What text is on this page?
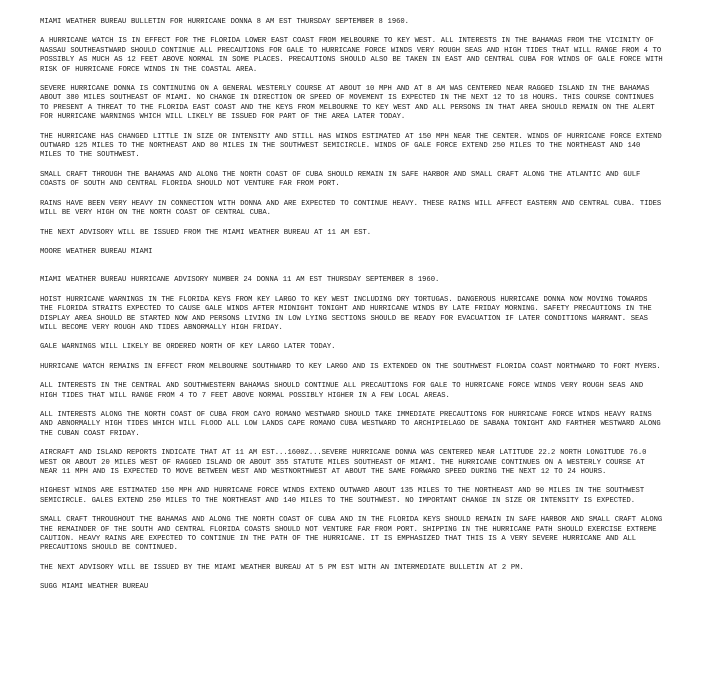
MIAMI WEATHER BUREAU BULLETIN FOR HURRICANE DONNA 8 AM EST THURSDAY SEPTEMBER 8 1960.

A HURRICANE WATCH IS IN EFFECT FOR THE FLORIDA LOWER EAST COAST FROM MELBOURNE TO KEY WEST. ALL INTERESTS IN THE BAHAMAS FROM THE VICINITY OF NASSAU SOUTHEASTWARD SHOULD CONTINUE ALL PRECAUTIONS FOR GALE TO HURRICANE FORCE WINDS VERY ROUGH SEAS AND HIGH TIDES THAT WILL RANGE FROM 4 TO POSSIBLY AS MUCH AS 12 FEET ABOVE NORMAL IN SOME PLACES. PRECAUTIONS SHOULD ALSO BE TAKEN IN EAST AND CENTRAL CUBA FOR WINDS OF GALE FORCE WITH RISK OF HURRICANE FORCE WINDS IN THE COASTAL AREA.

SEVERE HURRICANE DONNA IS CONTINUING ON A GENERAL WESTERLY COURSE AT ABOUT 10 MPH AND AT 8 AM WAS CENTERED NEAR RAGGED ISLAND IN THE BAHAMAS ABOUT 380 MILES SOUTHEAST OF MIAMI. NO CHANGE IN DIRECTION OR SPEED OF MOVEMENT IS EXPECTED IN THE NEXT 12 TO 18 HOURS. THIS COURSE CONTINUES TO PRESENT A THREAT TO THE FLORIDA EAST COAST AND THE KEYS FROM MELBOURNE TO KEY WEST AND ALL PERSONS IN THAT AREA SHOULD REMAIN ON THE ALERT FOR HURRICANE WARNINGS WHICH WILL LIKELY BE ISSUED FOR PART OF THE AREA LATER TODAY.

THE HURRICANE HAS CHANGED LITTLE IN SIZE OR INTENSITY AND STILL HAS WINDS ESTIMATED AT 150 MPH NEAR THE CENTER. WINDS OF HURRICANE FORCE EXTEND OUTWARD 125 MILES TO THE NORTHEAST AND 80 MILES IN THE SOUTHWEST SEMICIRCLE. WINDS OF GALE FORCE EXTEND 250 MILES TO THE NORTHEAST AND 140 MILES TO THE SOUTHWEST.

SMALL CRAFT THROUGH THE BAHAMAS AND ALONG THE NORTH COAST OF CUBA SHOULD REMAIN IN SAFE HARBOR AND SMALL CRAFT ALONG THE ATLANTIC AND GULF COASTS OF SOUTH AND CENTRAL FLORIDA SHOULD NOT VENTURE FAR FROM PORT.

RAINS HAVE BEEN VERY HEAVY IN CONNECTION WITH DONNA AND ARE EXPECTED TO CONTINUE HEAVY. THESE RAINS WILL AFFECT EASTERN AND CENTRAL CUBA. TIDES WILL BE VERY HIGH ON THE NORTH COAST OF CENTRAL CUBA.

THE NEXT ADVISORY WILL BE ISSUED FROM THE MIAMI WEATHER BUREAU AT 11 AM EST.

MOORE WEATHER BUREAU MIAMI

MIAMI WEATHER BUREAU HURRICANE ADVISORY NUMBER 24 DONNA 11 AM EST THURSDAY SEPTEMBER 8 1960.

HOIST HURRICANE WARNINGS IN THE FLORIDA KEYS FROM KEY LARGO TO KEY WEST INCLUDING DRY TORTUGAS. DANGEROUS HURRICANE DONNA NOW MOVING TOWARDS THE FLORIDA STRAITS EXPECTED TO CAUSE GALE WINDS AFTER MIDNIGHT TONIGHT AND HURRICANE WINDS BY LATE FRIDAY MORNING. SAFETY PRECAUTIONS IN THE DISPLAY AREA SHOULD BE STARTED NOW AND PERSONS LIVING IN LOW LYING SECTIONS SHOULD BE READY FOR EVACUATION IF LATER CONDITIONS WARRANT. SEAS WILL BECOME VERY ROUGH AND TIDES ABNORMALLY HIGH FRIDAY.

GALE WARNINGS WILL LIKELY BE ORDERED NORTH OF KEY LARGO LATER TODAY.

HURRICANE WATCH REMAINS IN EFFECT FROM MELBOURNE SOUTHWARD TO KEY LARGO AND IS EXTENDED ON THE SOUTHWEST FLORIDA COAST NORTHWARD TO FORT MYERS.

ALL INTERESTS IN THE CENTRAL AND SOUTHWESTERN BAHAMAS SHOULD CONTINUE ALL PRECAUTIONS FOR GALE TO HURRICANE FORCE WINDS VERY ROUGH SEAS AND HIGH TIDES THAT WILL RANGE FROM 4 TO 7 FEET ABOVE NORMAL POSSIBLY HIGHER IN A FEW LOCAL AREAS.

ALL INTERESTS ALONG THE NORTH COAST OF CUBA FROM CAYO ROMANO WESTWARD SHOULD TAKE IMMEDIATE PRECAUTIONS FOR HURRICANE FORCE WINDS HEAVY RAINS AND ABNORMALLY HIGH TIDES WHICH WILL FLOOD ALL LOW LANDS CAPE ROMANO CUBA WESTWARD TO ARCHIPIELAGO DE SABANA TONIGHT AND FARTHER WESTWARD ALONG THE CUBAN COAST FRIDAY.

AIRCRAFT AND ISLAND REPORTS INDICATE THAT AT 11 AM EST...1600Z...SEVERE HURRICANE DONNA WAS CENTERED NEAR LATITUDE 22.2 NORTH LONGITUDE 76.0 WEST OR ABOUT 20 MILES WEST OF RAGGED ISLAND OR ABOUT 355 STATUTE MILES SOUTHEAST OF MIAMI. THE HURRICANE CONTINUES ON A WESTERLY COURSE AT NEAR 11 MPH AND IS EXPECTED TO MOVE BETWEEN WEST AND WESTNORTHWEST AT ABOUT THE SAME FORWARD SPEED DURING THE NEXT 12 TO 24 HOURS.

HIGHEST WINDS ARE ESTIMATED 150 MPH AND HURRICANE FORCE WINDS EXTEND OUTWARD ABOUT 135 MILES TO THE NORTHEAST AND 90 MILES IN THE SOUTHWEST SEMICIRCLE. GALES EXTEND 250 MILES TO THE NORTHEAST AND 140 MILES TO THE SOUTHWEST. NO IMPORTANT CHANGE IN SIZE OR INTENSITY IS EXPECTED.

SMALL CRAFT THROUGHOUT THE BAHAMAS AND ALONG THE NORTH COAST OF CUBA AND IN THE FLORIDA KEYS SHOULD REMAIN IN SAFE HARBOR AND SMALL CRAFT ALONG THE REMAINDER OF THE SOUTH AND CENTRAL FLORIDA COASTS SHOULD NOT VENTURE FAR FROM PORT. SHIPPING IN THE HURRICANE PATH SHOULD EXERCISE EXTREME CAUTION. HEAVY RAINS ARE EXPECTED TO CONTINUE IN THE PATH OF THE HURRICANE. IT IS EMPHASIZED THAT THIS IS A VERY SEVERE HURRICANE AND ALL PRECAUTIONS SHOULD BE CONTINUED.

THE NEXT ADVISORY WILL BE ISSUED BY THE MIAMI WEATHER BUREAU AT 5 PM EST WITH AN INTERMEDIATE BULLETIN AT 2 PM.

SUGG MIAMI WEATHER BUREAU
